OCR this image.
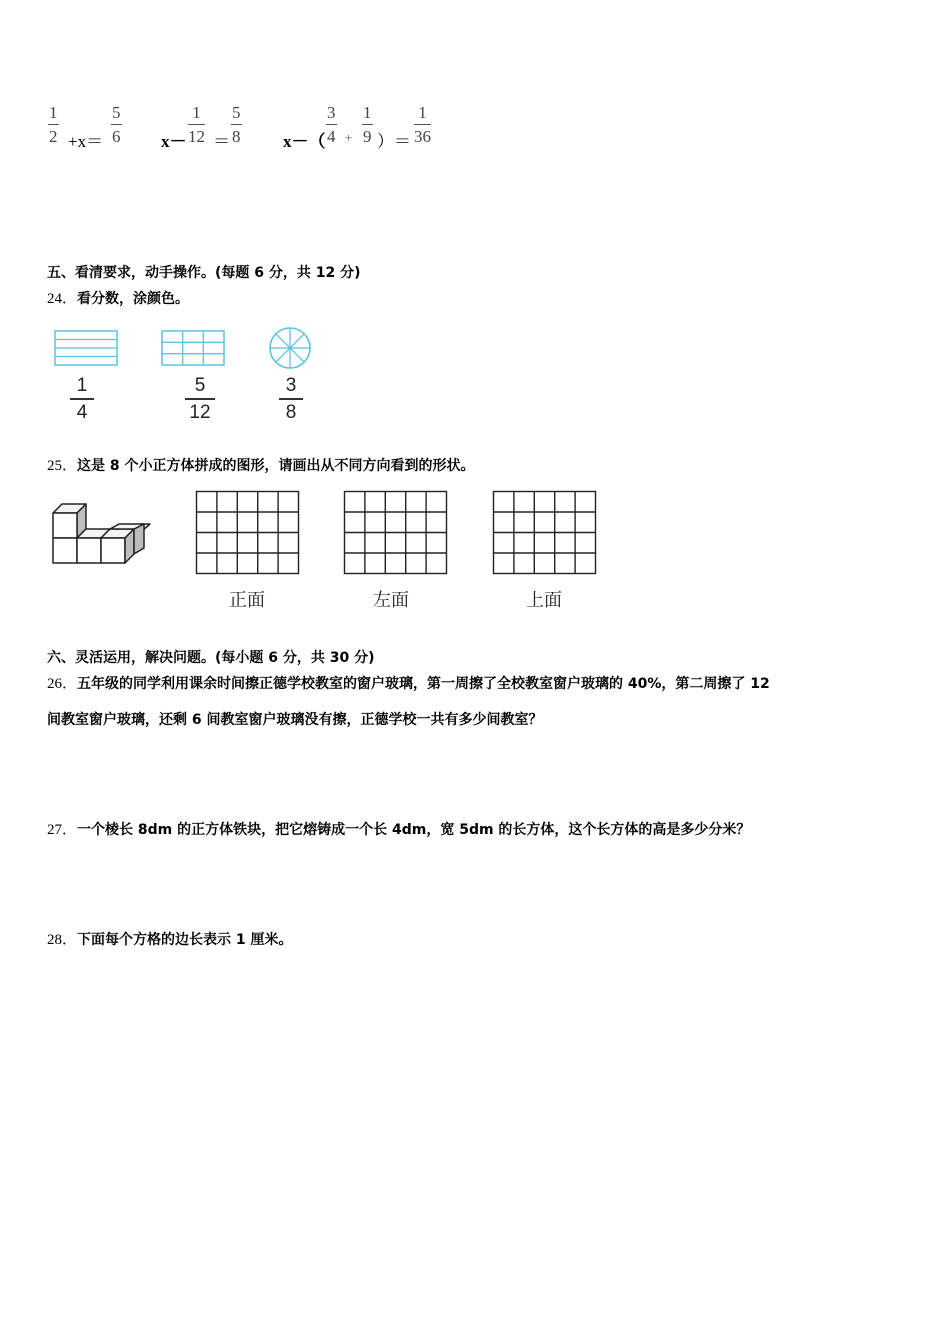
1
2 +x＝
5
6 x－
1
12 ＝
5
8	x－（
3
4 +
1
9 ）＝
1
36
五、看清要求，动手操作。(每题 6 分，共 12 分)
24．看分数，涂颜色。
1
4
5
12
3
8
25．这是 8 个小正方体拼成的图形，请画出从不同方向看到的形状。
正面	左面	上面
六、灵活运用，解决问题。(每小题 6 分，共 30 分)
26．五年级的同学利用课余时间擦正德学校教室的窗户玻璃，第一周擦了全校教室窗户玻璃的 40%，第二周擦了 12
间教室窗户玻璃，还剩 6 间教室窗户玻璃没有擦，正德学校一共有多少间教室？
27．一个棱长 8dm 的正方体铁块，把它熔铸成一个长 4dm，宽 5dm 的长方体，这个长方体的高是多少分米？
28．下面每个方格的边长表示 1 厘米。
